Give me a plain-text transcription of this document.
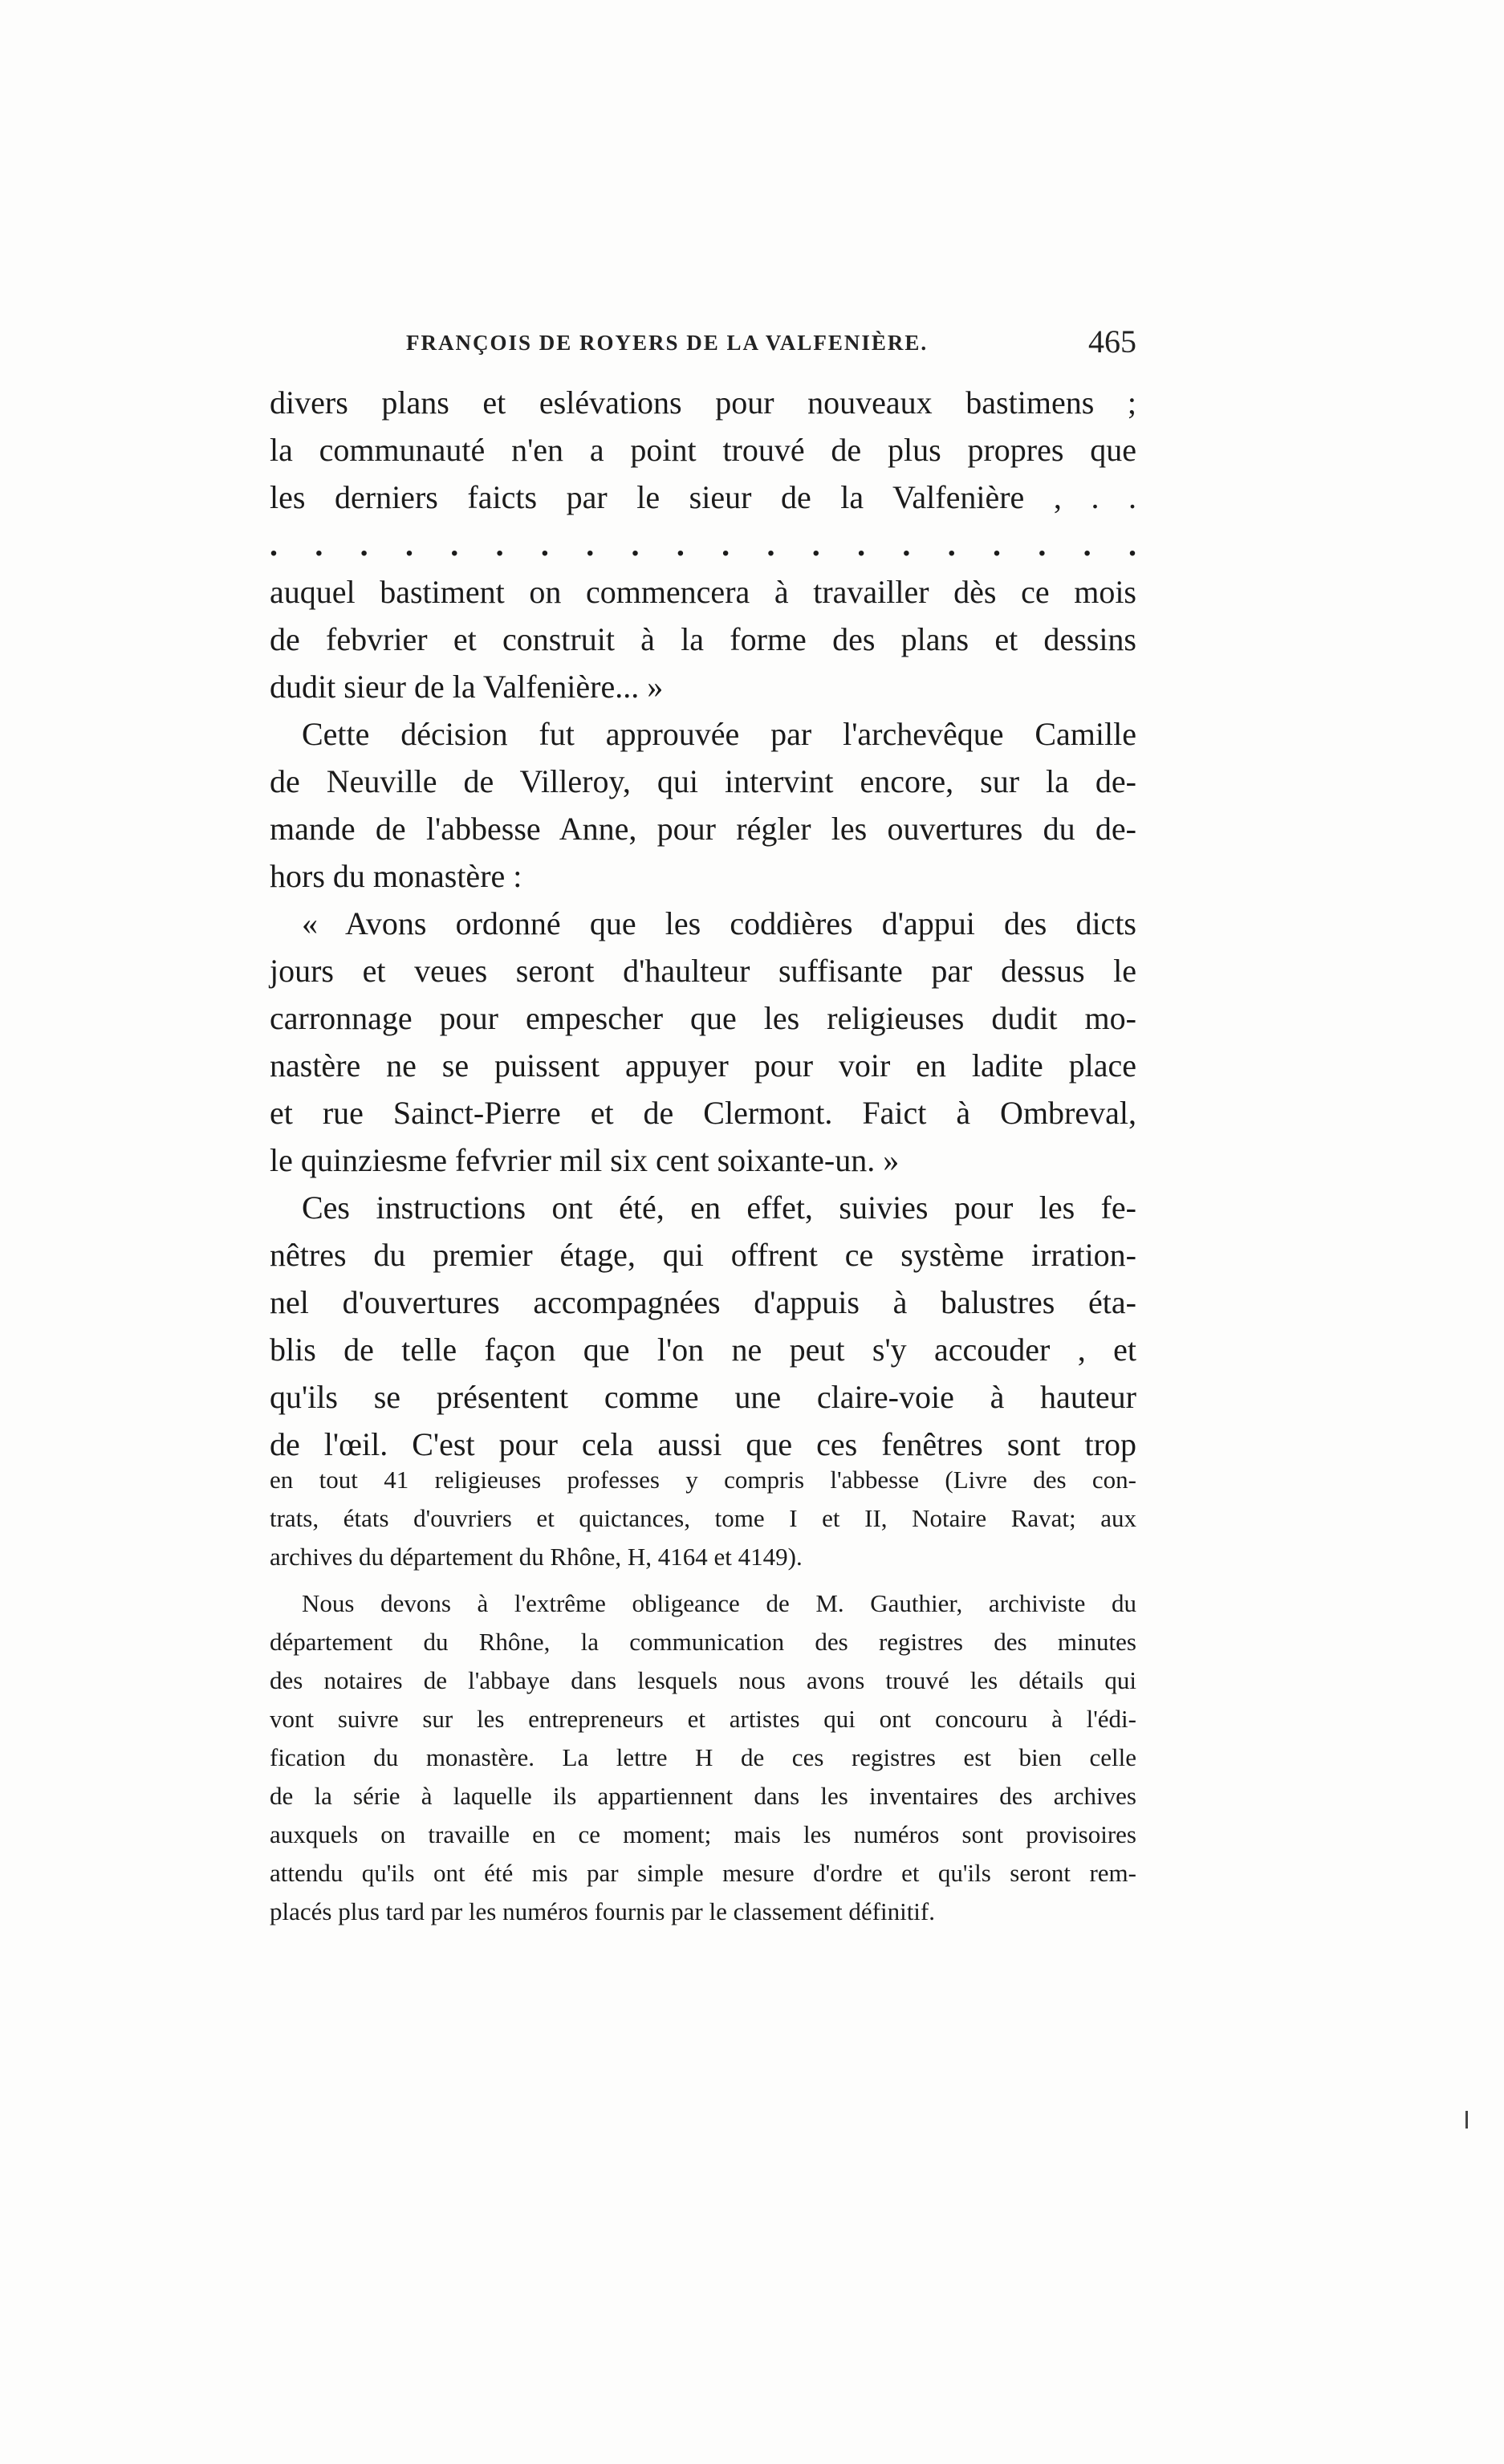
FRANÇOIS DE ROYERS DE LA VALFENIÈRE.	465
divers plans et eslévations pour nouveaux bastimens ;
la communauté n'en a point trouvé de plus propres que
les derniers faicts par le sieur de la Valfenière , . .
. . . . . . . . . . . . . . . . . . . .
auquel bastiment on commencera à travailler dès ce mois
de febvrier et construit à la forme des plans et dessins
dudit sieur de la Valfenière... »
Cette décision fut approuvée par l'archevêque Camille
de Neuville de Villeroy, qui intervint encore, sur la de-
mande de l'abbesse Anne, pour régler les ouvertures du de-
hors du monastère :
« Avons ordonné que les coddières d'appui des dicts
jours et veues seront d'haulteur suffisante par dessus le
carronnage pour empescher que les religieuses dudit mo-
nastère ne se puissent appuyer pour voir en ladite place
et rue Sainct-Pierre et de Clermont. Faict à Ombreval,
le quinziesme fefvrier mil six cent soixante-un. »
Ces instructions ont été, en effet, suivies pour les fe-
nêtres du premier étage, qui offrent ce système irration-
nel d'ouvertures accompagnées d'appuis à balustres éta-
blis de telle façon que l'on ne peut s'y accouder , et
qu'ils se présentent comme une claire-voie à hauteur
de l'œil. C'est pour cela aussi que ces fenêtres sont trop
en tout 41 religieuses professes y compris l'abbesse (Livre des con-
trats, états d'ouvriers et quictances, tome I et II, Notaire Ravat; aux
archives du département du Rhône, H, 4164 et 4149).
Nous devons à l'extrême obligeance de M. Gauthier, archiviste du
département du Rhône, la communication des registres des minutes
des notaires de l'abbaye dans lesquels nous avons trouvé les détails qui
vont suivre sur les entrepreneurs et artistes qui ont concouru à l'édi-
fication du monastère. La lettre H de ces registres est bien celle
de la série à laquelle ils appartiennent dans les inventaires des archives
auxquels on travaille en ce moment; mais les numéros sont provisoires
attendu qu'ils ont été mis par simple mesure d'ordre et qu'ils seront rem-
placés plus tard par les numéros fournis par le classement définitif.
